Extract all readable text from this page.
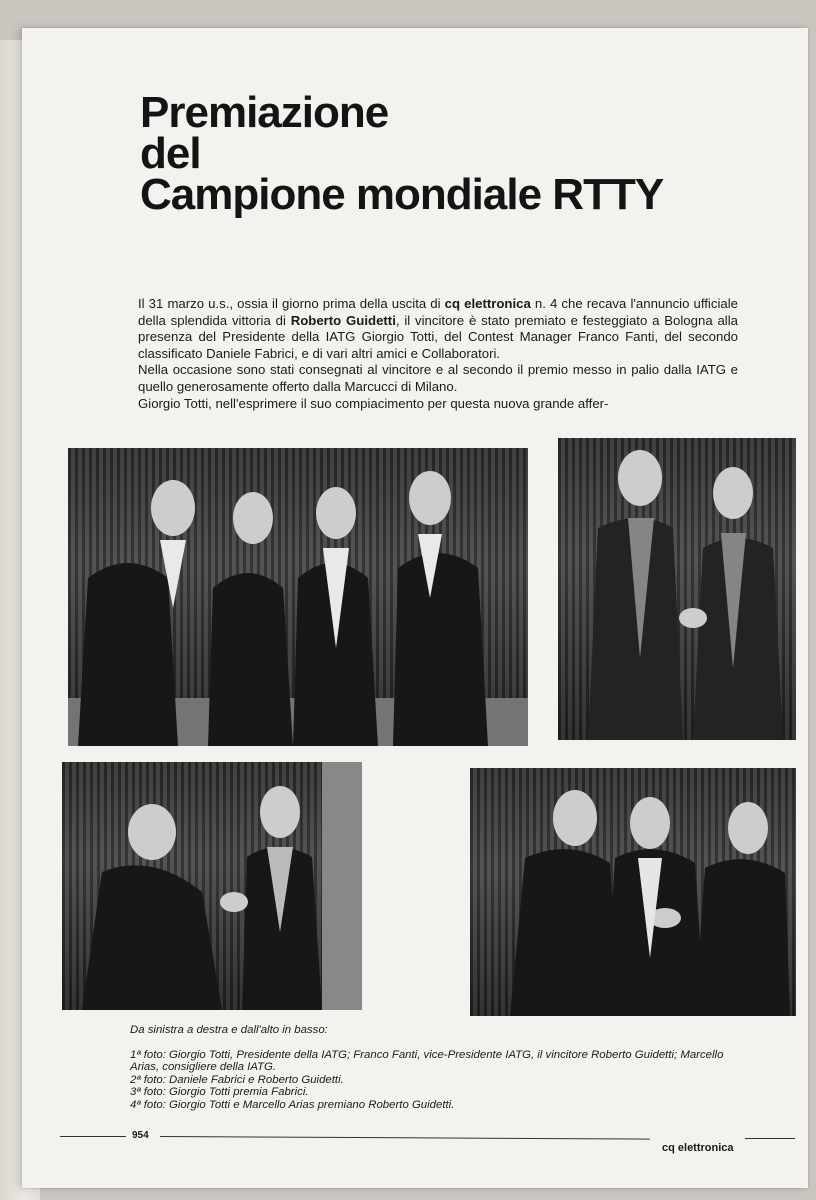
Premiazione
del
Campione mondiale RTTY

Il 31 marzo u.s., ossia il giorno prima della uscita di cq elettronica n. 4 che recava l'annuncio ufficiale della splendida vittoria di Roberto Guidetti, il vincitore è stato premiato e festeggiato a Bologna alla presenza del Presidente della IATG Giorgio Totti, del Contest Manager Franco Fanti, del secondo classificato Daniele Fabrici, e di vari altri amici e Collaboratori.
Nella occasione sono stati consegnati al vincitore e al secondo il premio messo in palio dalla IATG e quello generosamente offerto dalla Marcucci di Milano.
Giorgio Totti, nell'esprimere il suo compiacimento per questa nuova grande affer-

Da sinistra a destra e dall'alto in basso:
1ª foto: Giorgio Totti, Presidente della IATG; Franco Fanti, vice-Presidente IATG, il vincitore Roberto Guidetti; Marcello Arias, consigliere della IATG.
2ª foto: Daniele Fabrici e Roberto Guidetti.
3ª foto: Giorgio Totti premia Fabrici.
4ª foto: Giorgio Totti e Marcello Arias premiano Roberto Guidetti.
954
cq elettronica
